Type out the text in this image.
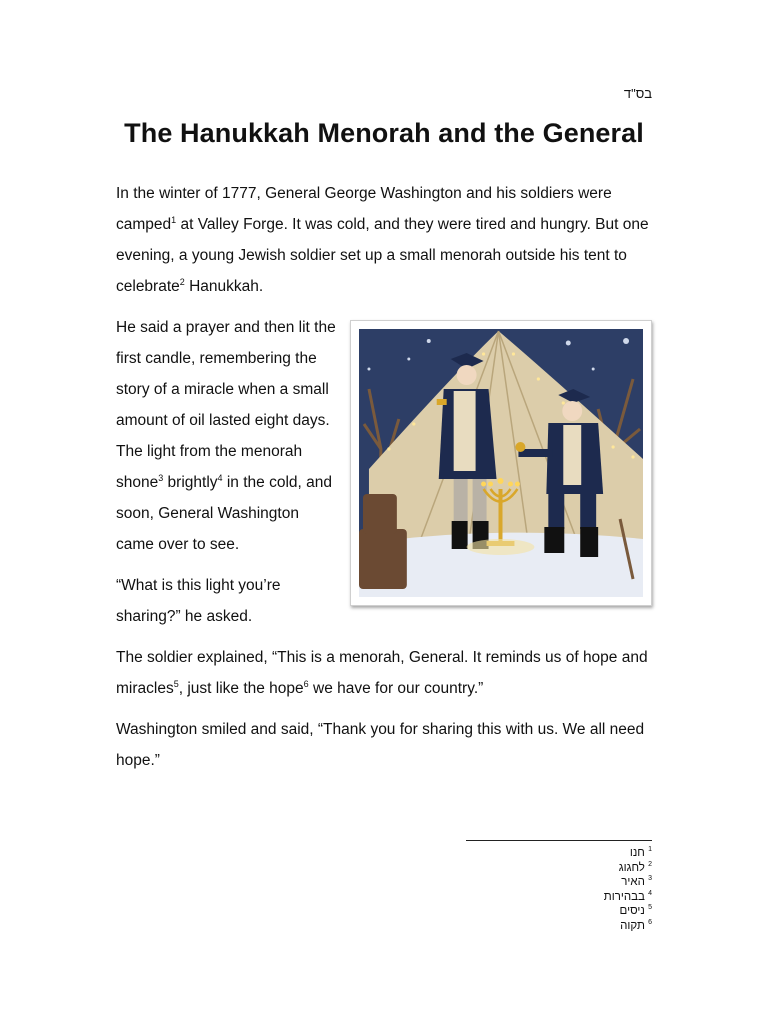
בס"ד
The Hanukkah Menorah and the General

In the winter of 1777, General George Washington and his soldiers were camped$^1$ at Valley Forge. It was cold, and they were tired and hungry. But one evening, a young Jewish soldier set up a small menorah outside his tent to celebrate$^2$ Hanukkah.

He said a prayer and then lit the first candle, remembering the story of a miracle when a small amount of oil lasted eight days. The light from the menorah shone$^3$ brightly$^4$ in the cold, and soon, General Washington came over to see.

“What is this light you’re sharing?” he asked.

The soldier explained, “This is a menorah, General. It reminds us of hope and miracles$^5$, just like the hope$^6$ we have for our country.”

Washington smiled and said, “Thank you for sharing this with us. We all need hope.”

$^1$ חנו
$^2$ לחגוג
$^3$ האיר
$^4$ בבהירות
$^5$ ניסים
$^6$ תקוה
